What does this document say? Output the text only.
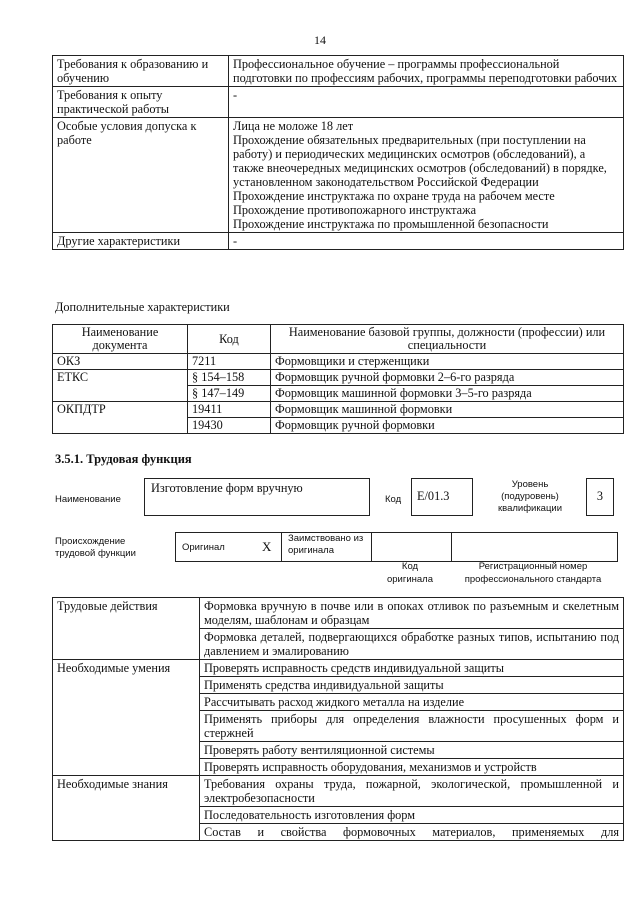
14
Требования к образованию и обучению	Профессиональное обучение – программы профессиональной подготовки по профессиям рабочих, программы переподготовки рабочих
Требования к опыту практической работы	-
Особые условия допуска к работе	Лица не моложе 18 лет
Прохождение обязательных предварительных (при поступлении на работу) и периодических медицинских осмотров (обследований), а также внеочередных медицинских осмотров (обследований) в порядке, установленном законодательством Российской Федерации
Прохождение инструктажа по охране труда на рабочем месте
Прохождение противопожарного инструктажа
Прохождение инструктажа по промышленной безопасности

Другие характеристики	-
Дополнительные характеристики
Наименование документа	Код	Наименование базовой группы, должности (профессии) или специальности
ОКЗ	7211	Формовщики и стерженщики
ЕТКС	§ 154–158	Формовщик ручной формовки 2–6-го разряда
	§ 147–149	Формовщик машинной формовки 3–5-го разряда
ОКПДТР	19411	Формовщик машинной формовки
	19430	Формовщик ручной формовки
3.5.1. Трудовая функция
Наименование
Изготовление форм вручную
Код	E/01.3
Уровень (подуровень) квалификации
3
Происхождение трудовой функции
Оригинал	X
Заимствовано из оригинала
Код оригинала
Регистрационный номер профессионального стандарта
Трудовые действия	Формовка вручную в почве или в опоках отливок по разъемным и скелетным моделям, шаблонам и образцам
	Формовка деталей, подвергающихся обработке разных типов, испытанию под давлением и эмалированию
Необходимые умения	Проверять исправность средств индивидуальной защиты
	Применять средства индивидуальной защиты
	Рассчитывать расход жидкого металла на изделие
	Применять приборы для определения влажности просушенных форм и стержней
	Проверять работу вентиляционной системы
	Проверять исправность оборудования, механизмов и устройств
Необходимые знания	Требования охраны труда, пожарной, экологической, промышленной и электробезопасности
	Последовательность изготовления форм
	Состав и свойства формовочных материалов, применяемых для
